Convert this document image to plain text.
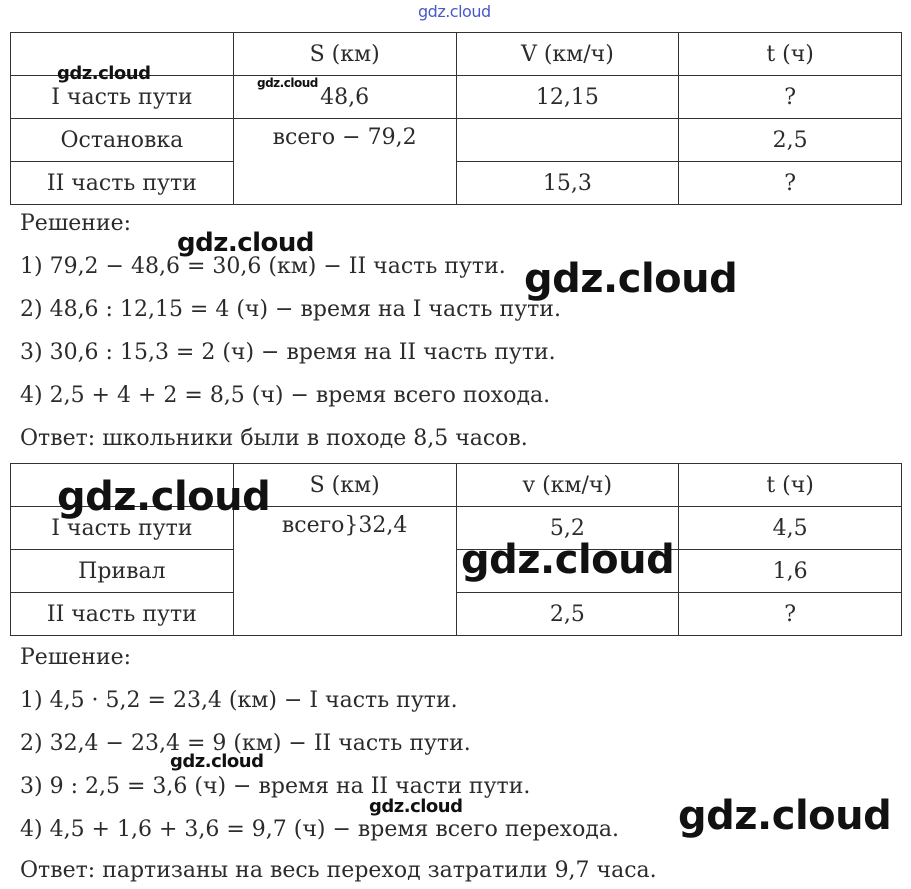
gdz.cloud
	S (км)	V (км/ч)	t (ч)
I часть пути	48,6	12,15	?
Остановка	всего − 79,2		2,5
II часть пути		15,3	?
Решение:
1) 79,2 − 48,6 = 30,6 (км) − II часть пути.
2) 48,6 : 12,15 = 4 (ч) − время на I часть пути.
3) 30,6 : 15,3 = 2 (ч) − время на II часть пути.
4) 2,5 + 4 + 2 = 8,5 (ч) − время всего похода.
Ответ: школьники были в походе 8,5 часов.
	S (км)	v (км/ч)	t (ч)
I часть пути	всего}32,4	5,2	4,5
Привал			1,6
II часть пути		2,5	?
Решение:
1) 4,5 · 5,2 = 23,4 (км) − I часть пути.
2) 32,4 − 23,4 = 9 (км) − II часть пути.
3) 9 : 2,5 = 3,6 (ч) − время на II части пути.
4) 4,5 + 1,6 + 3,6 = 9,7 (ч) − время всего перехода.
Ответ: партизаны на весь переход затратили 9,7 часа.
gdz.cloud	gdz.cloud
gdz.cloud
gdz.cloud
gdz.cloud
gdz.cloud
gdz.cloud
gdz.cloud	gdz.cloud
